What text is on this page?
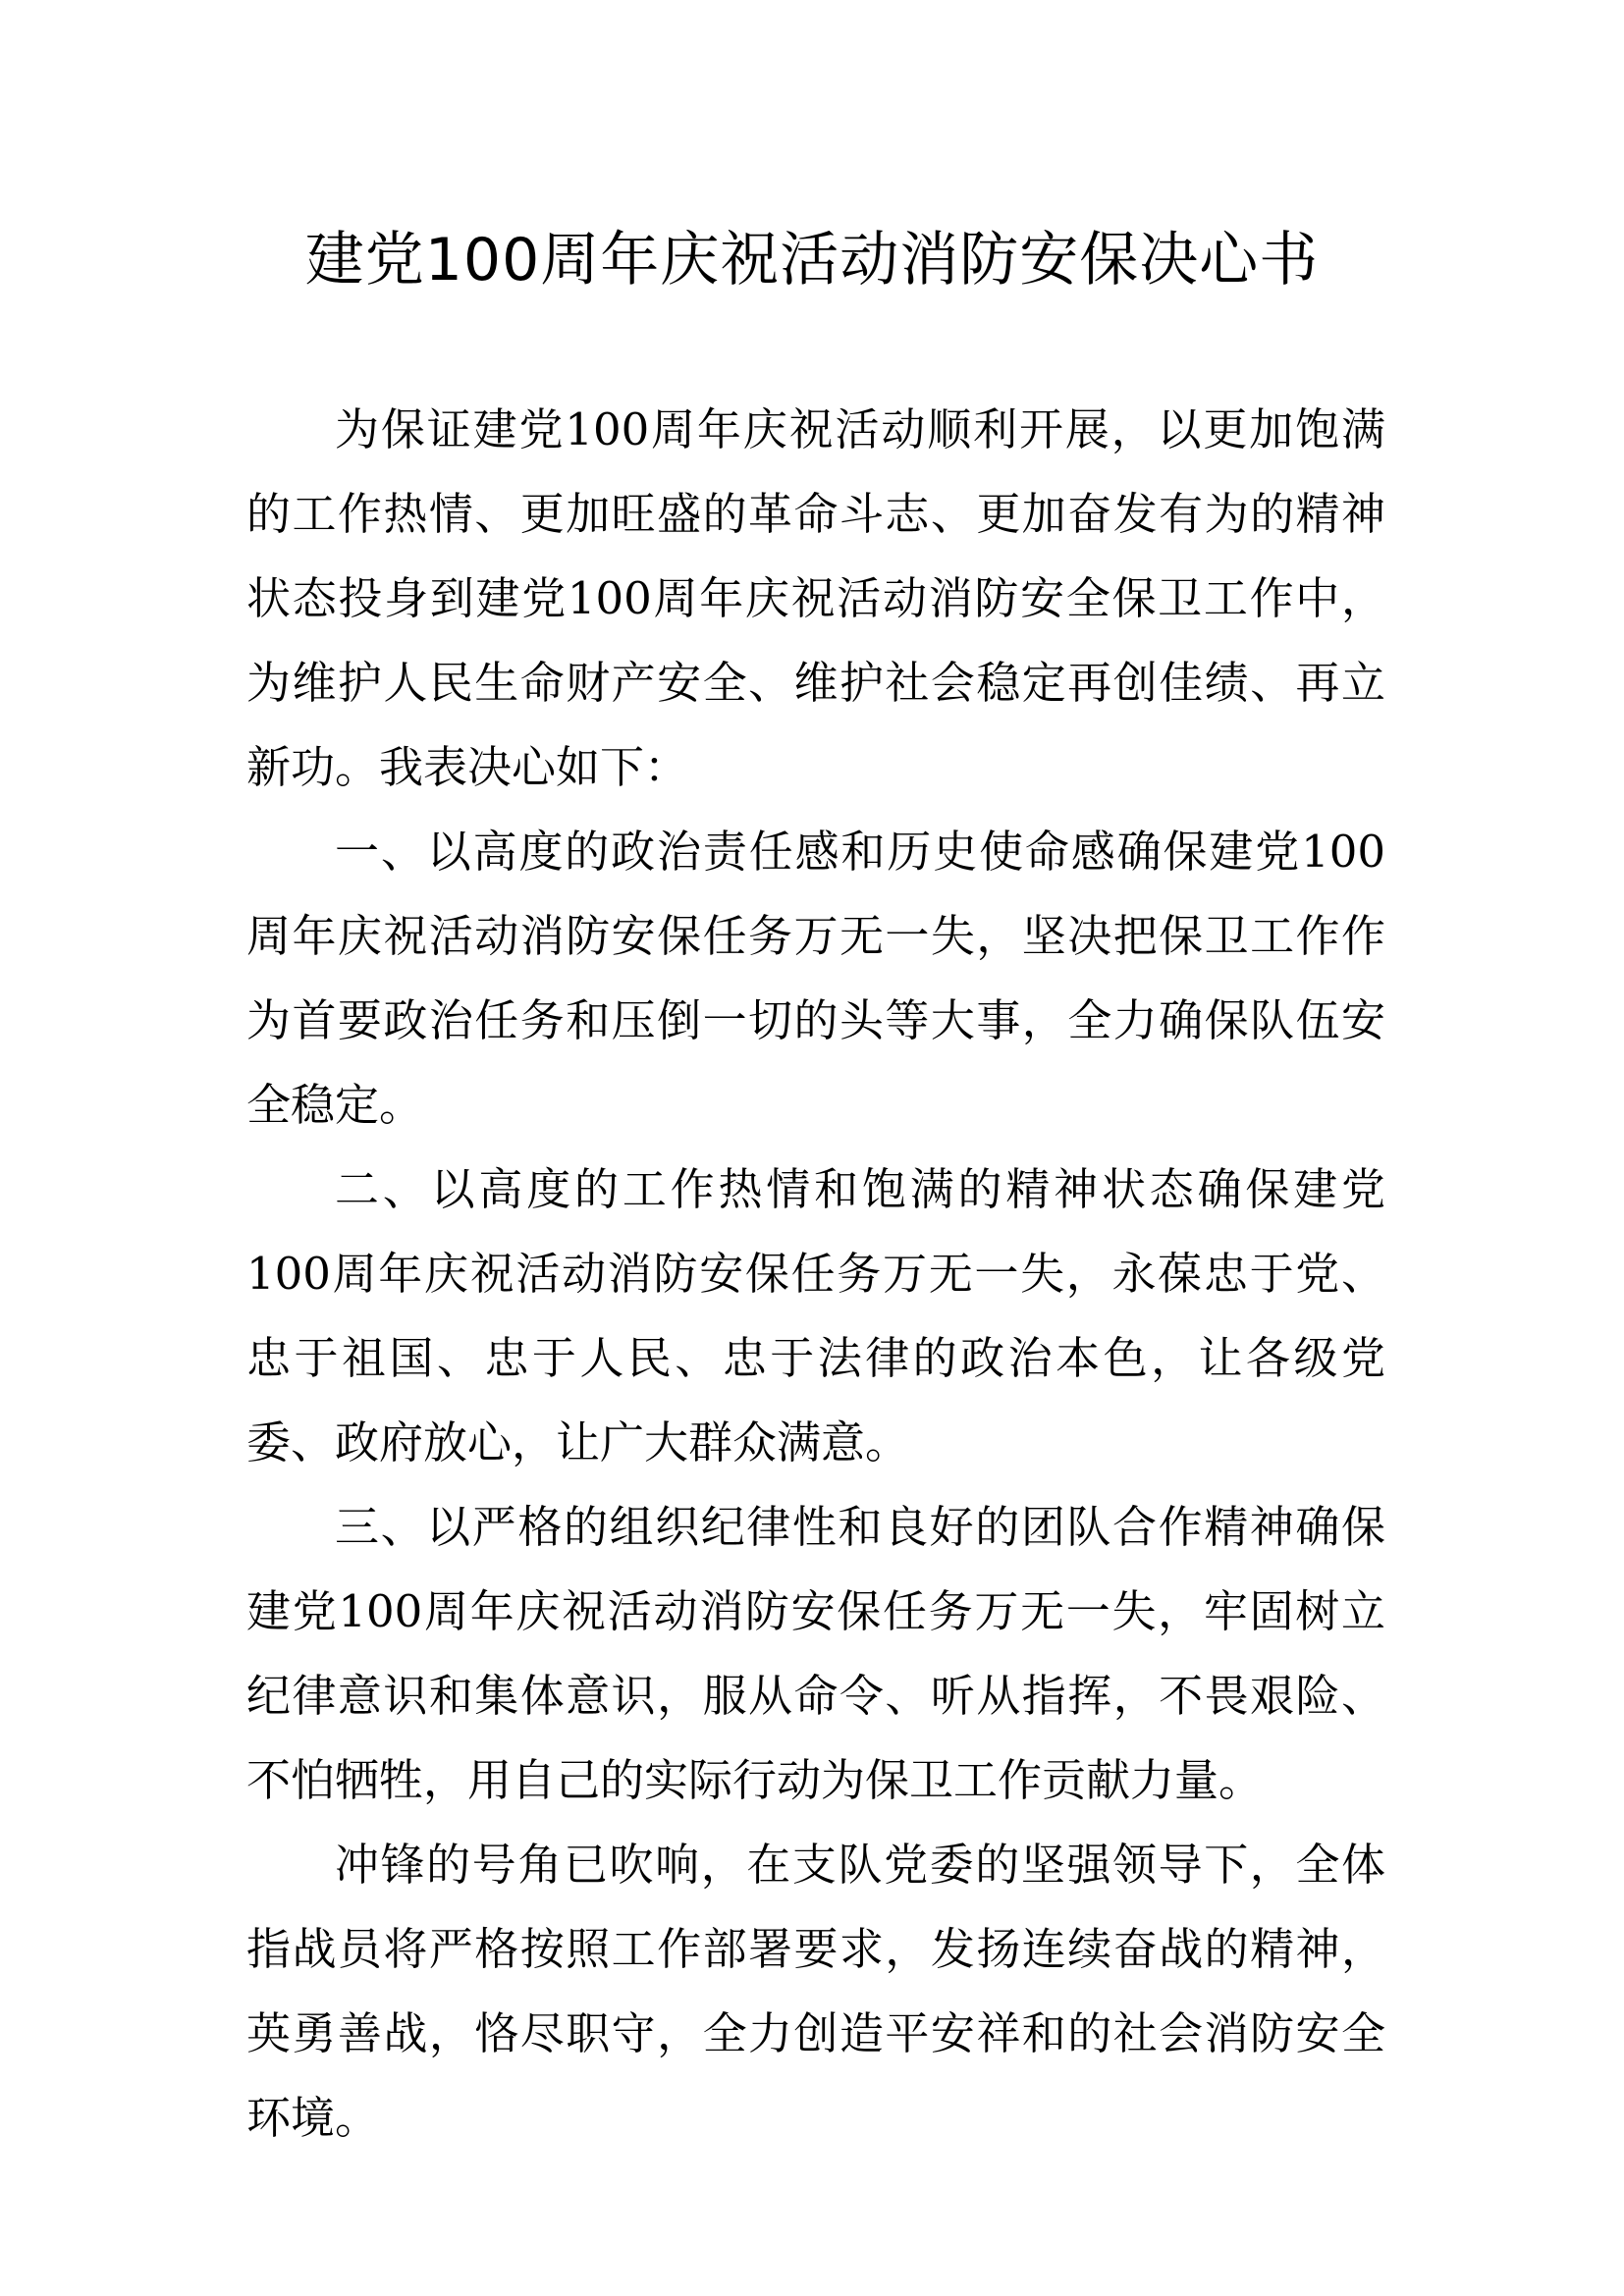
建党100周年庆祝活动消防安保决心书

为保证建党100周年庆祝活动顺利开展，以更加饱满的工作热情、更加旺盛的革命斗志、更加奋发有为的精神状态投身到建党100周年庆祝活动消防安全保卫工作中，为维护人民生命财产安全、维护社会稳定再创佳绩、再立新功。我表决心如下：

一、以高度的政治责任感和历史使命感确保建党100周年庆祝活动消防安保任务万无一失，坚决把保卫工作作为首要政治任务和压倒一切的头等大事，全力确保队伍安全稳定。

二、以高度的工作热情和饱满的精神状态确保建党100周年庆祝活动消防安保任务万无一失，永葆忠于党、忠于祖国、忠于人民、忠于法律的政治本色，让各级党委、政府放心，让广大群众满意。

三、以严格的组织纪律性和良好的团队合作精神确保建党100周年庆祝活动消防安保任务万无一失，牢固树立纪律意识和集体意识，服从命令、听从指挥，不畏艰险、不怕牺牲，用自己的实际行动为保卫工作贡献力量。

冲锋的号角已吹响，在支队党委的坚强领导下，全体指战员将严格按照工作部署要求，发扬连续奋战的精神，英勇善战，恪尽职守，全力创造平安祥和的社会消防安全环境。
